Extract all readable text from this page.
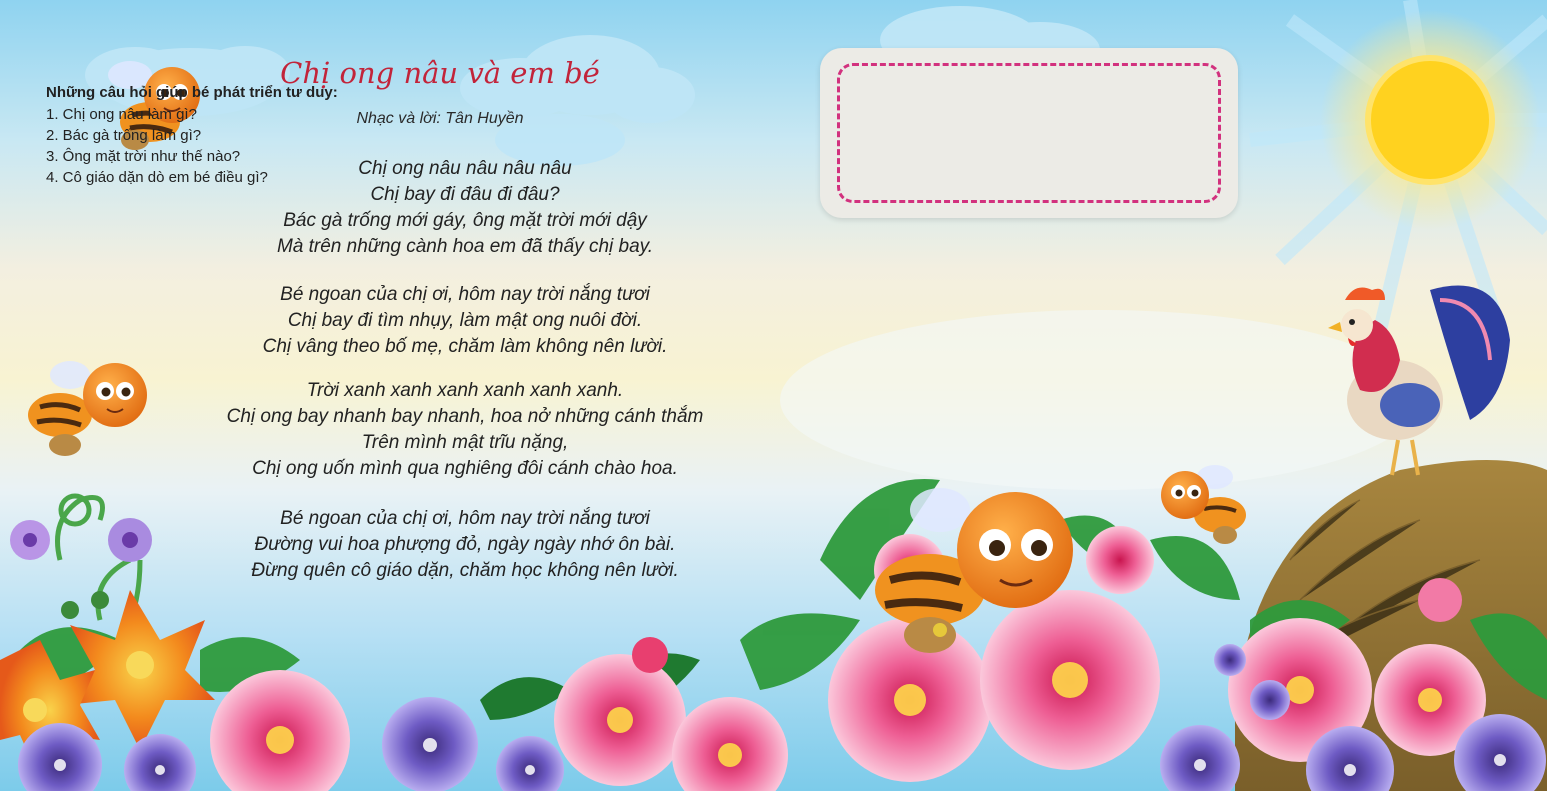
Chị ong nâu và em bé
Nhạc và lời: Tân Huyền
Chị ong nâu nâu nâu nâu
Chị bay đi đâu đi đâu?
Bác gà trống mới gáy, ông mặt trời mới dậy
Mà trên những cành hoa em đã thấy chị bay.
Bé ngoan của chị ơi, hôm nay trời nắng tươi
Chị bay đi tìm nhụy, làm mật ong nuôi đời.
Chị vâng theo bố mẹ, chăm làm không nên lười.
Trời xanh xanh xanh xanh xanh xanh.
Chị ong bay nhanh bay nhanh, hoa nở những cánh thắm
Trên mình mật trĩu nặng,
Chị ong uốn mình qua nghiêng đôi cánh chào hoa.
Bé ngoan của chị ơi, hôm nay trời nắng tươi
Đường vui hoa phượng đỏ, ngày ngày nhớ ôn bài.
Đừng quên cô giáo dặn, chăm học không nên lười.
Những câu hỏi giúp bé phát triển tư duy:
1. Chị ong nâu làm gì?
2. Bác gà trống làm gì?
3. Ông mặt trời như thế nào?
4. Cô giáo dặn dò em bé điều gì?
